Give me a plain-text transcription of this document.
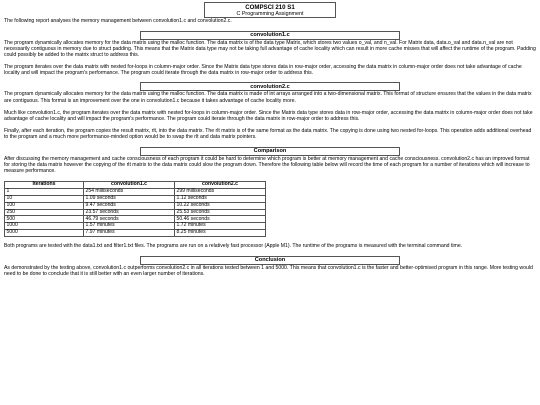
COMPSCI 210 S1
C Programming Assignment

The following report analyses the memory management between convolution1.c and convolution2.c.

convolution1.c

The program dynamically allocates memory for the data matrix using the malloc function. The data matrix is of the data type Matrix, which stores two values o_val, and n_val. For Matrix data, data.o_val and data.n_val are not necessarily contiguous in memory due to struct padding. This means that the Matrix data type may not be taking full advantage of cache locality which can result in more cache misses that will affect the runtime of the program. Padding could possibly be added to the matrix struct to address this.

The program iterates over the data matrix with nested for-loops in column-major order. Since the Matrix data type stores data in row-major order, accessing the data matrix in column-major order does not take advantage of cache locality and will impact the program's performance. The program could iterate through the data matrix in row-major order to address this.

convolution2.c

The program dynamically allocates memory for the data matrix using the malloc function. The data matrix is made of int arrays arranged into a two-dimensional matrix. This format of structure ensures that the values in the data matrix are contiguous. This format is an improvement over the one in convolution1.c because it takes advantage of cache locality more.

Much like convolution1.c, the program iterates over the data matrix with nested for-loops in column-major order. Since the Matrix data type stores data in row-major order, accessing the data matrix in column-major order does not take advantage of cache locality and will impact the program's performance. The program could iterate through the data matrix in row-major order to address this.

Finally, after each iteration, the program copies the result matrix, rlt, into the data matrix. The rlt matrix is of the same format as the data matrix. The copying is done using two nested for-loops. This operation adds additional overhead to the program and a much more performance-minded option would be to swap the rlt and data matrix pointers.

Comparison

After discussing the memory management and cache consciousness of each program it could be hard to determine which program is better at memory management and cache consciousness. convolution2.c has an improved format for storing the data matrix however the copying of the rlt matrix to the data matrix could slow the program down. Therefore the following table below will record the time of each program for a number of iterations which will increase to measure performance.

Iterations	convolution1.c	convolution2.c
1	254 milliseconds	299 milliseconds
10	1.09 seconds	1.12 seconds
100	9.47 seconds	10.22 seconds
250	23.57 seconds	25.53 seconds
500	46.79 seconds	50.46 seconds
1000	1.57 minutes	1.72 minutes
5000	7.97 minutes	8.25 minutes

Both programs are tested with the data1.txt and filter1.txt files. The programs are run on a relatively fast processor (Apple M1). The runtime of the programs is measured with the terminal command time.

Conclusion

As demonstrated by the testing above, convolution1.c outperforms convolution2.c in all iterations tested between 1 and 5000. This means that convolution1.c is the faster and better-optimised program in this range. More testing would need to be done to conclude that it is still better with an even larger number of iterations.
